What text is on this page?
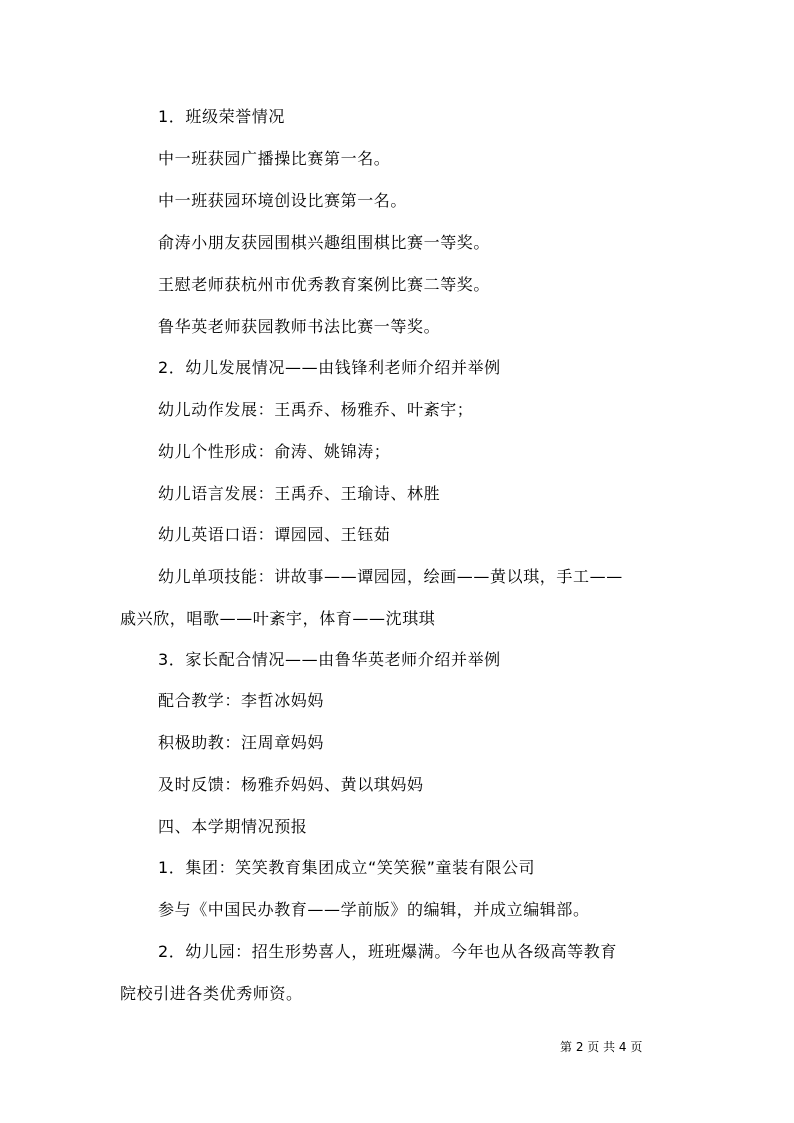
1．班级荣誉情况
中一班获园广播操比赛第一名。
中一班获园环境创设比赛第一名。
俞涛小朋友获园围棋兴趣组围棋比赛一等奖。
王慰老师获杭州市优秀教育案例比赛二等奖。
鲁华英老师获园教师书法比赛一等奖。
2．幼儿发展情况——由钱锋利老师介绍并举例
幼儿动作发展：王禹乔、杨雅乔、叶紊宇；
幼儿个性形成：俞涛、姚锦涛；
幼儿语言发展：王禹乔、王瑜诗、林胜
幼儿英语口语：谭园园、王钰茹
幼儿单项技能：讲故事——谭园园，绘画——黄以琪，手工——
戚兴欣，唱歌——叶紊宇，体育——沈琪琪
3．家长配合情况——由鲁华英老师介绍并举例
配合教学：李哲冰妈妈
积极助教：汪周章妈妈
及时反馈：杨雅乔妈妈、黄以琪妈妈
四、本学期情况预报
1．集团：笑笑教育集团成立“笑笑猴”童装有限公司
参与《中国民办教育——学前版》的编辑，并成立编辑部。
2．幼儿园：招生形势喜人，班班爆满。今年也从各级高等教育
院校引进各类优秀师资。
第 2 页 共 4 页
